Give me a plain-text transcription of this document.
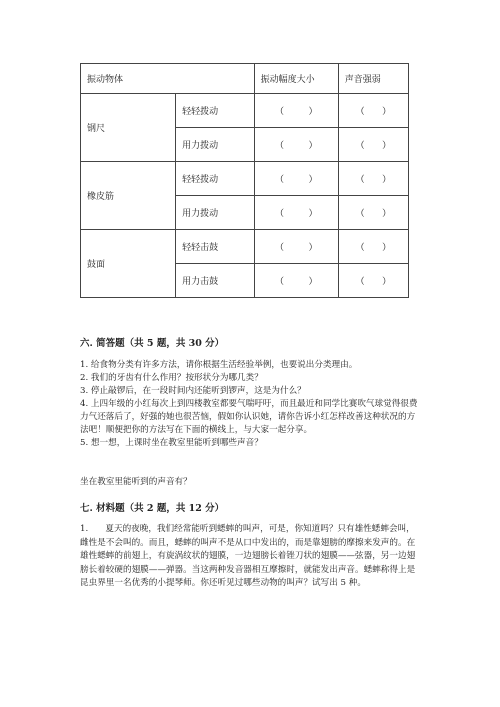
振动物体		振动幅度大小	声音强弱
钢尺	轻轻拨动	（ ）	（ ）

	用力拨动	（ ）	（ ）

橡皮筋	轻轻拨动	（ ）	（ ）

	用力拨动	（ ）	（ ）

鼓面	轻轻击鼓	（ ）	（ ）

	用力击鼓	（ ）	（ ）
六. 简答题（共 5 题，共 30 分）

1. 给食物分类有许多方法，请你根据生活经验举例，也要说出分类理由。

2. 我们的牙齿有什么作用？按形状分为哪几类？

3. 停止敲锣后，在一段时间内还能听到锣声，这是为什么？

4. 上四年级的小红每次上到四楼教室都要气喘吁吁，而且最近和同学比赛吹气球觉得很费力气还落后了，好强的她也很苦恼，假如你认识她，请你告诉小红怎样改善这种状况的方法吧！顺便把你的方法写在下面的横线上，与大家一起分享。

5. 想一想，上课时坐在教室里能听到哪些声音？

坐在教室里能听到的声音有？

七. 材料题（共 2 题，共 12 分）

1.　　夏天的夜晚，我们经常能听到蟋蟀的叫声，可是，你知道吗？只有雄性蟋蟀会叫，雌性是不会叫的。而且，蟋蟀的叫声不是从口中发出的，而是靠翅膀的摩擦来发声的。在雄性蟋蟀的前翅上，有旋涡纹状的翅膜，一边翅膀长着锉刀状的翅膜——弦器，另一边翅膀长着较硬的翅膜——弹器。当这两种发音器相互摩擦时，就能发出声音。蟋蟀称得上是昆虫界里一名优秀的小提琴师。你还听见过哪些动物的叫声？试写出 5 种。
